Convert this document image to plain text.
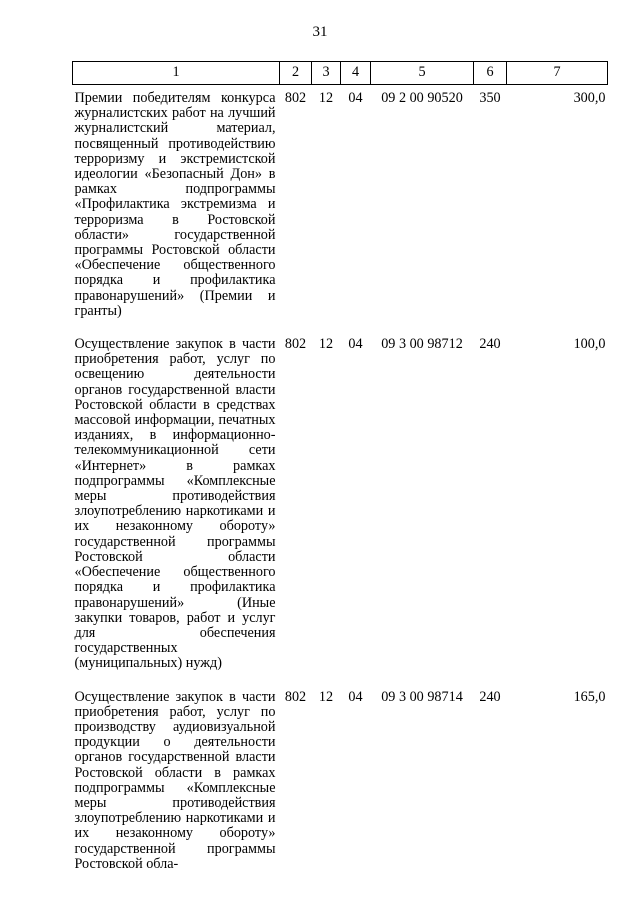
31
1	2	3	4	5	6	7
Премии победителям конкурса журналистских работ на лучший журналистский материал, посвященный противодействию терроризму и экстремистской идеологии «Безопасный Дон» в рамках подпрограммы «Профилактика экстремизма и терроризма в Ростовской области» государственной программы Ростовской области «Обеспечение общественного порядка и профилактика правонарушений» (Премии и гранты)	802	12	04	09 2 00 90520	350	300,0
Осуществление закупок в части приобретения работ, услуг по освещению деятельности органов государственной власти Ростовской области в средствах массовой информации, печатных изданиях, в информационно-телекоммуникационной сети «Интернет» в рамках подпрограммы «Комплексные меры противодействия злоупотреблению наркотиками и их незаконному обороту» государственной программы Ростовской области «Обеспечение общественного порядка и профилактика правонарушений» (Иные закупки товаров, работ и услуг для обеспечения государственных (муниципальных) нужд)	802	12	04	09 3 00 98712	240	100,0
Осуществление закупок в части приобретения работ, услуг по производству аудиовизуальной продукции о деятельности органов государственной власти Ростовской области в рамках подпрограммы «Комплексные меры противодействия злоупотреблению наркотиками и их незаконному обороту» государственной программы Ростовской обла-	802	12	04	09 3 00 98714	240	165,0
